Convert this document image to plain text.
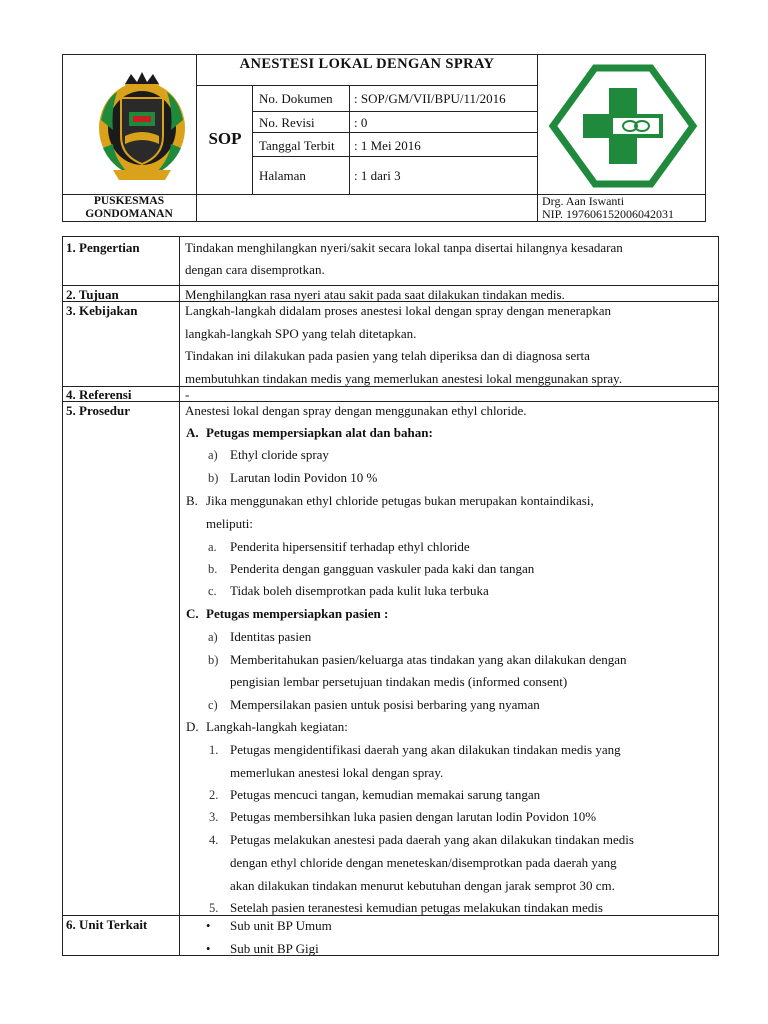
ANESTESI LOKAL DENGAN SPRAY
SOP
No. Dokumen : SOP/GM/VII/BPU/11/2016
No. Revisi	: 0
Tanggal Terbit : 1 Mei 2016
Halaman	: 1 dari 3
PUSKESMAS
GONDOMANAN
Drg. Aan Iswanti
NIP. 197606152006042031
1. Pengertian	Tindakan menghilangkan nyeri/sakit secara lokal tanpa disertai hilangnya kesadaran
dengan cara disemprotkan.
2. Tujuan	Menghilangkan rasa nyeri atau sakit pada saat dilakukan tindakan medis.
3. Kebijakan	Langkah-langkah didalam proses anestesi lokal dengan spray dengan menerapkan
langkah-langkah SPO yang telah ditetapkan.
Tindakan ini dilakukan pada pasien yang telah diperiksa dan di diagnosa serta
membutuhkan tindakan medis yang memerlukan anestesi lokal menggunakan spray.
4. Referensi	-
5. Prosedur	Anestesi lokal dengan spray dengan menggunakan ethyl chloride.
A. Petugas mempersiapkan alat dan bahan:
a) Ethyl cloride spray
b) Larutan lodin Povidon 10 %
B. Jika menggunakan ethyl chloride petugas bukan merupakan kontaindikasi,
meliputi:
a. Penderita hipersensitif terhadap ethyl chloride
b. Penderita dengan gangguan vaskuler pada kaki dan tangan
c. Tidak boleh disemprotkan pada kulit luka terbuka
C. Petugas mempersiapkan pasien :
a) Identitas pasien
b) Memberitahukan pasien/keluarga atas tindakan yang akan dilakukan dengan
pengisian lembar persetujuan tindakan medis (informed consent)
c) Mempersilakan pasien untuk posisi berbaring yang nyaman
D. Langkah-langkah kegiatan:
1. Petugas mengidentifikasi daerah yang akan dilakukan tindakan medis yang
memerlukan anestesi lokal dengan spray.
2. Petugas mencuci tangan, kemudian memakai sarung tangan
3. Petugas membersihkan luka pasien dengan larutan lodin Povidon 10%
4. Petugas melakukan anestesi pada daerah yang akan dilakukan tindakan medis
dengan ethyl chloride dengan meneteskan/disemprotkan pada daerah yang
akan dilakukan tindakan menurut kebutuhan dengan jarak semprot 30 cm.
5. Setelah pasien teranestesi kemudian petugas melakukan tindakan medis
6. Unit Terkait	• Sub unit BP Umum
• Sub unit BP Gigi
